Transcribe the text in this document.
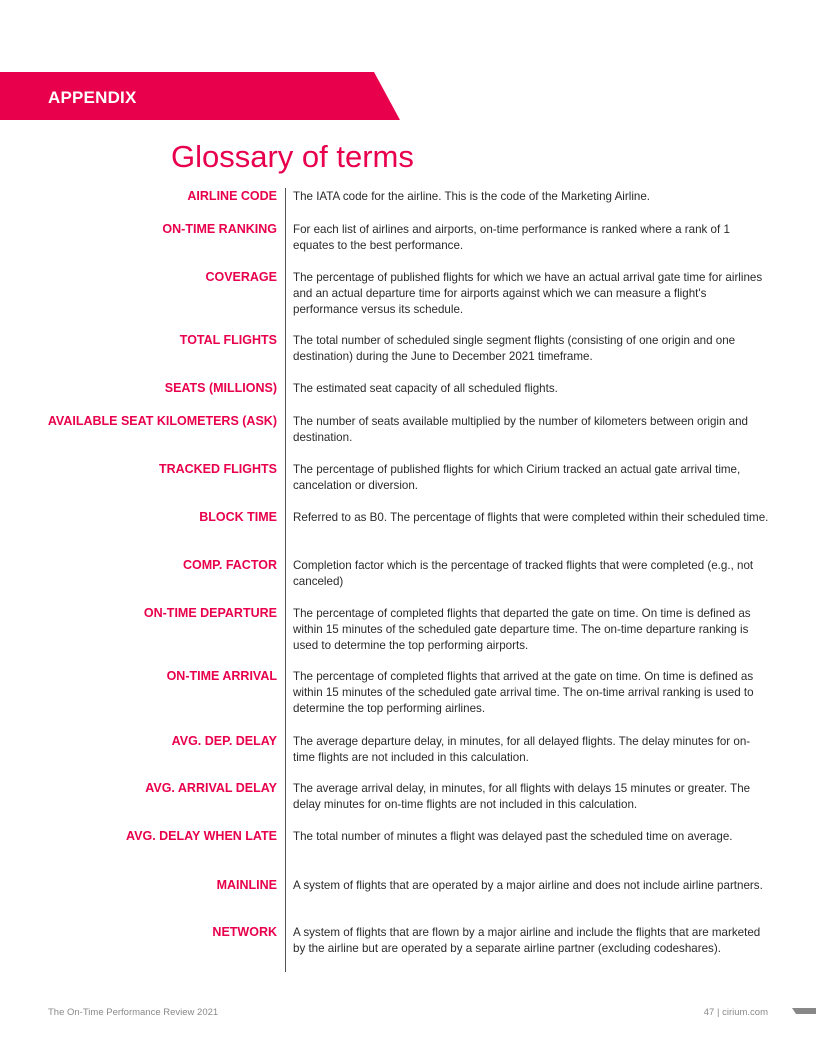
APPENDIX
Glossary of terms
AIRLINE CODE The IATA code for the airline. This is the code of the Marketing Airline.
ON-TIME RANKING For each list of airlines and airports, on-time performance is ranked where a rank of 1 equates to the best performance.
COVERAGE The percentage of published flights for which we have an actual arrival gate time for airlines and an actual departure time for airports against which we can measure a flight's performance versus its schedule.
TOTAL FLIGHTS The total number of scheduled single segment flights (consisting of one origin and one destination) during the June to December 2021 timeframe.
SEATS (MILLIONS) The estimated seat capacity of all scheduled flights.
AVAILABLE SEAT KILOMETERS (ASK) The number of seats available multiplied by the number of kilometers between origin and destination.
TRACKED FLIGHTS The percentage of published flights for which Cirium tracked an actual gate arrival time, cancelation or diversion.
BLOCK TIME Referred to as B0. The percentage of flights that were completed within their scheduled time.
COMP. FACTOR Completion factor which is the percentage of tracked flights that were completed (e.g., not canceled)
ON-TIME DEPARTURE The percentage of completed flights that departed the gate on time. On time is defined as within 15 minutes of the scheduled gate departure time. The on-time departure ranking is used to determine the top performing airports.
ON-TIME ARRIVAL The percentage of completed flights that arrived at the gate on time. On time is defined as within 15 minutes of the scheduled gate arrival time. The on-time arrival ranking is used to determine the top performing airlines.
AVG. DEP. DELAY The average departure delay, in minutes, for all delayed flights. The delay minutes for on-time flights are not included in this calculation.
AVG. ARRIVAL DELAY The average arrival delay, in minutes, for all flights with delays 15 minutes or greater. The delay minutes for on-time flights are not included in this calculation.
AVG. DELAY WHEN LATE The total number of minutes a flight was delayed past the scheduled time on average.
MAINLINE A system of flights that are operated by a major airline and does not include airline partners.
NETWORK A system of flights that are flown by a major airline and include the flights that are marketed by the airline but are operated by a separate airline partner (excluding codeshares).
The On-Time Performance Review 2021	47 | cirium.com
